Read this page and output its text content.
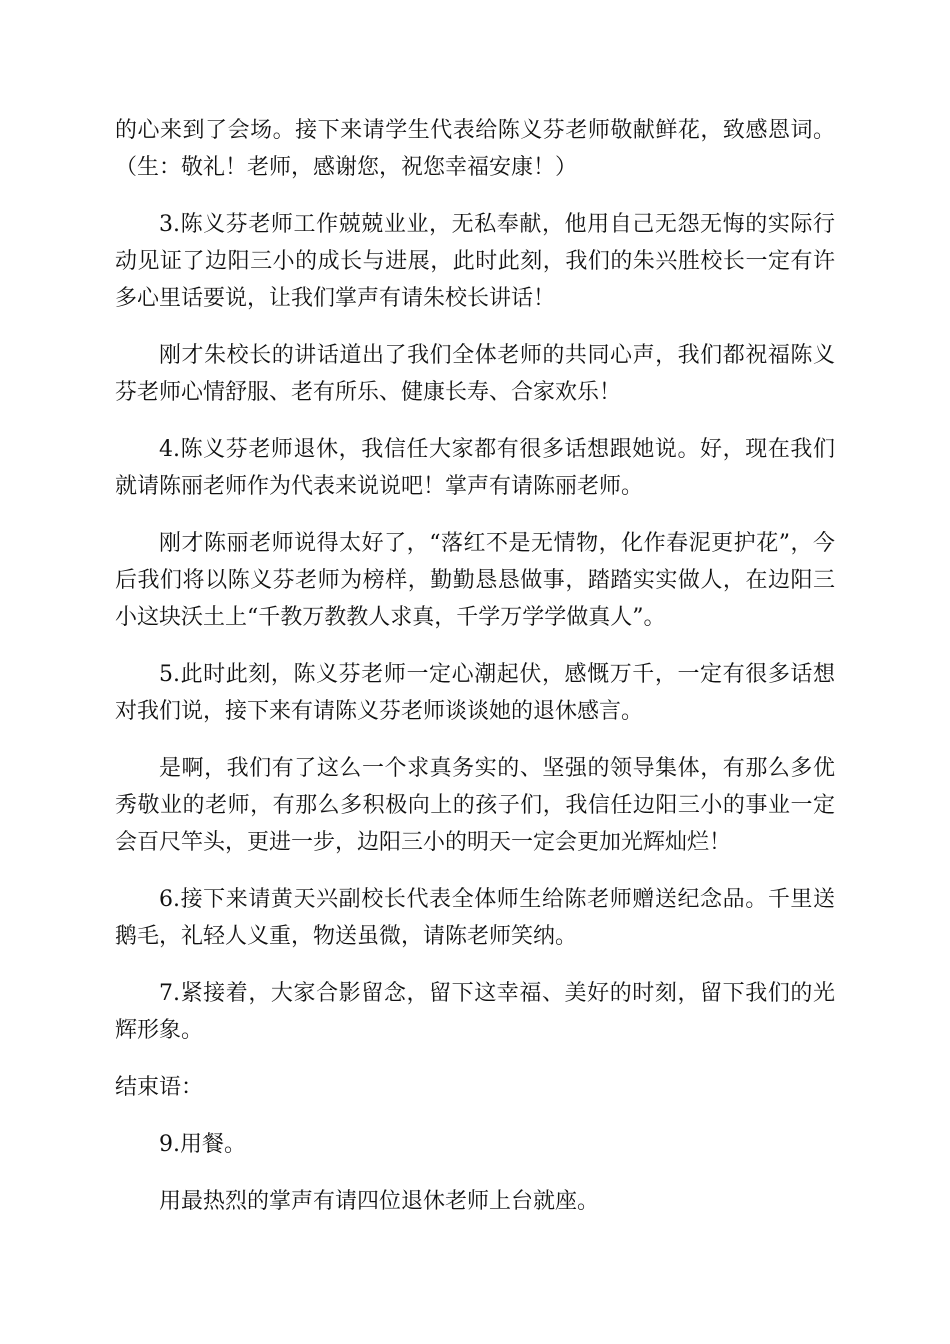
的心来到了会场。接下来请学生代表给陈义芬老师敬献鲜花，致感恩词。（生：敬礼！老师，感谢您，祝您幸福安康！）

3.陈义芬老师工作兢兢业业，无私奉献，他用自己无怨无悔的实际行动见证了边阳三小的成长与进展，此时此刻，我们的朱兴胜校长一定有许多心里话要说，让我们掌声有请朱校长讲话！

刚才朱校长的讲话道出了我们全体老师的共同心声，我们都祝福陈义芬老师心情舒服、老有所乐、健康长寿、合家欢乐！

4.陈义芬老师退休，我信任大家都有很多话想跟她说。好，现在我们就请陈丽老师作为代表来说说吧！掌声有请陈丽老师。

刚才陈丽老师说得太好了，“落红不是无情物，化作春泥更护花”，今后我们将以陈义芬老师为榜样，勤勤恳恳做事，踏踏实实做人，在边阳三小这块沃土上“千教万教教人求真，千学万学学做真人”。

5.此时此刻，陈义芬老师一定心潮起伏，感慨万千，一定有很多话想对我们说，接下来有请陈义芬老师谈谈她的退休感言。

是啊，我们有了这么一个求真务实的、坚强的领导集体，有那么多优秀敬业的老师，有那么多积极向上的孩子们，我信任边阳三小的事业一定会百尺竿头，更进一步，边阳三小的明天一定会更加光辉灿烂！

6.接下来请黄天兴副校长代表全体师生给陈老师赠送纪念品。千里送鹅毛，礼轻人义重，物送虽微，请陈老师笑纳。

7.紧接着，大家合影留念，留下这幸福、美好的时刻，留下我们的光辉形象。

结束语：

9.用餐。

用最热烈的掌声有请四位退休老师上台就座。
